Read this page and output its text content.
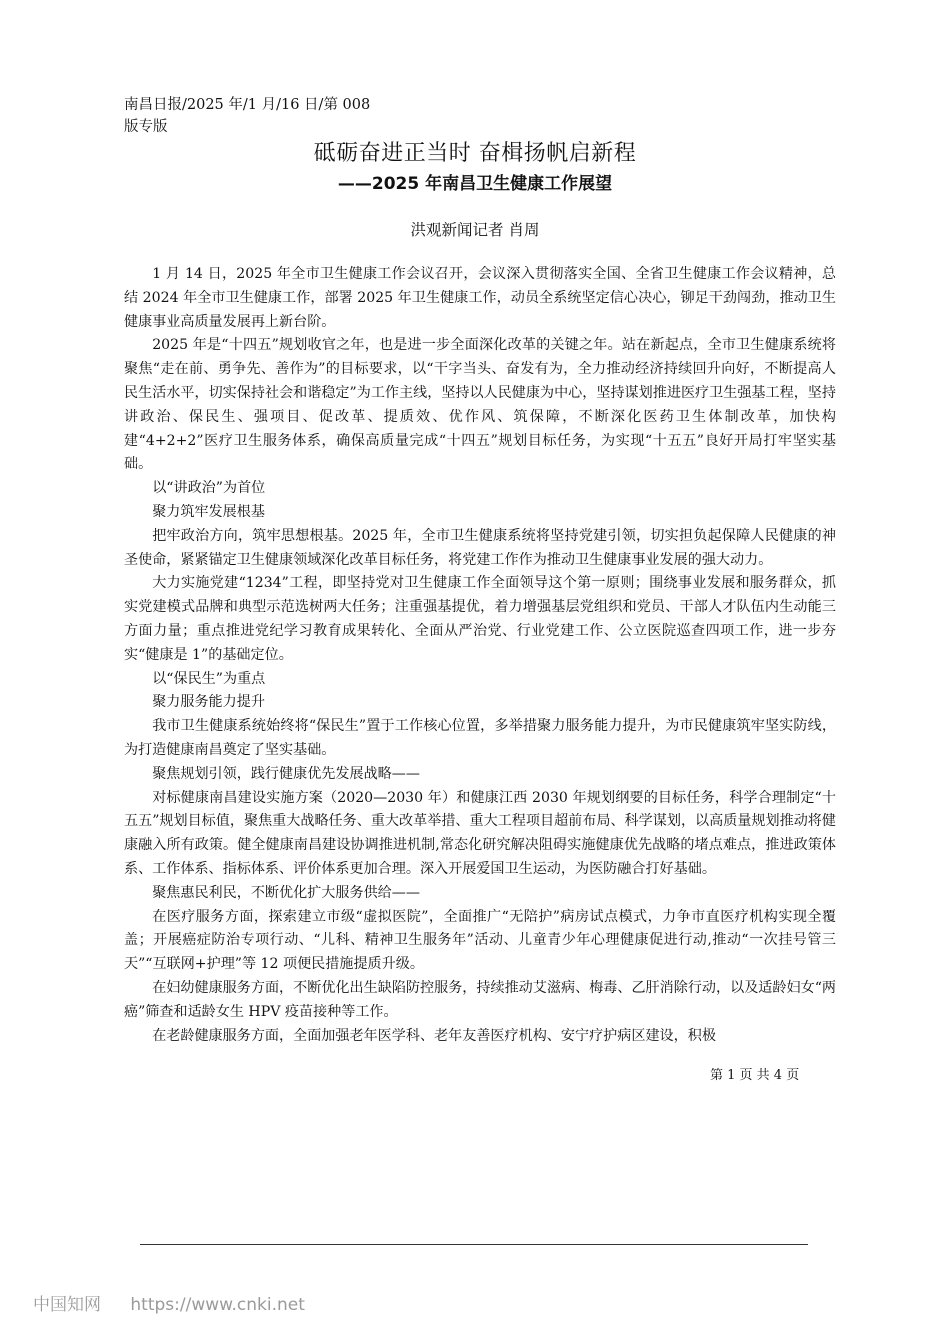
南昌日报/2025 年/1 月/16 日/第 008
版专版
砥砺奋进正当时 奋楫扬帆启新程
——2025 年南昌卫生健康工作展望
洪观新闻记者 肖周

1 月 14 日，2025 年全市卫生健康工作会议召开，会议深入贯彻落实全国、全省卫生健康工作会议精神，总结 2024 年全市卫生健康工作，部署 2025 年卫生健康工作，动员全系统坚定信心决心，铆足干劲闯劲，推动卫生健康事业高质量发展再上新台阶。

2025 年是“十四五”规划收官之年，也是进一步全面深化改革的关键之年。站在新起点，全市卫生健康系统将聚焦“走在前、勇争先、善作为”的目标要求，以“干字当头、奋发有为，全力推动经济持续回升向好，不断提高人民生活水平，切实保持社会和谐稳定”为工作主线，坚持以人民健康为中心，坚持谋划推进医疗卫生强基工程，坚持讲政治、保民生、强项目、促改革、提质效、优作风、筑保障，不断深化医药卫生体制改革，加快构建“4+2+2”医疗卫生服务体系，确保高质量完成“十四五”规划目标任务，为实现“十五五”良好开局打牢坚实基础。

以“讲政治”为首位

聚力筑牢发展根基

把牢政治方向，筑牢思想根基。2025 年，全市卫生健康系统将坚持党建引领，切实担负起保障人民健康的神圣使命，紧紧锚定卫生健康领域深化改革目标任务，将党建工作作为推动卫生健康事业发展的强大动力。

大力实施党建“1234”工程，即坚持党对卫生健康工作全面领导这个第一原则；围绕事业发展和服务群众，抓实党建模式品牌和典型示范选树两大任务；注重强基提优，着力增强基层党组织和党员、干部人才队伍内生动能三方面力量；重点推进党纪学习教育成果转化、全面从严治党、行业党建工作、公立医院巡查四项工作，进一步夯实“健康是 1”的基础定位。

以“保民生”为重点

聚力服务能力提升

我市卫生健康系统始终将“保民生”置于工作核心位置，多举措聚力服务能力提升，为市民健康筑牢坚实防线，为打造健康南昌奠定了坚实基础。

聚焦规划引领，践行健康优先发展战略——

对标健康南昌建设实施方案（2020—2030 年）和健康江西 2030 年规划纲要的目标任务，科学合理制定“十五五”规划目标值，聚焦重大战略任务、重大改革举措、重大工程项目超前布局、科学谋划，以高质量规划推动将健康融入所有政策。健全健康南昌建设协调推进机制,常态化研究解决阻碍实施健康优先战略的堵点难点，推进政策体系、工作体系、指标体系、评价体系更加合理。深入开展爱国卫生运动，为医防融合打好基础。

聚焦惠民利民，不断优化扩大服务供给——

在医疗服务方面，探索建立市级“虚拟医院”，全面推广“无陪护”病房试点模式，力争市直医疗机构实现全覆盖；开展癌症防治专项行动、“儿科、精神卫生服务年”活动、儿童青少年心理健康促进行动,推动“一次挂号管三天”“互联网+护理”等 12 项便民措施提质升级。

在妇幼健康服务方面，不断优化出生缺陷防控服务，持续推动艾滋病、梅毒、乙肝消除行动，以及适龄妇女“两癌”筛查和适龄女生 HPV 疫苗接种等工作。

在老龄健康服务方面，全面加强老年医学科、老年友善医疗机构、安宁疗护病区建设，积极

第 1 页 共 4 页
中国知网 https://www.cnki.net
